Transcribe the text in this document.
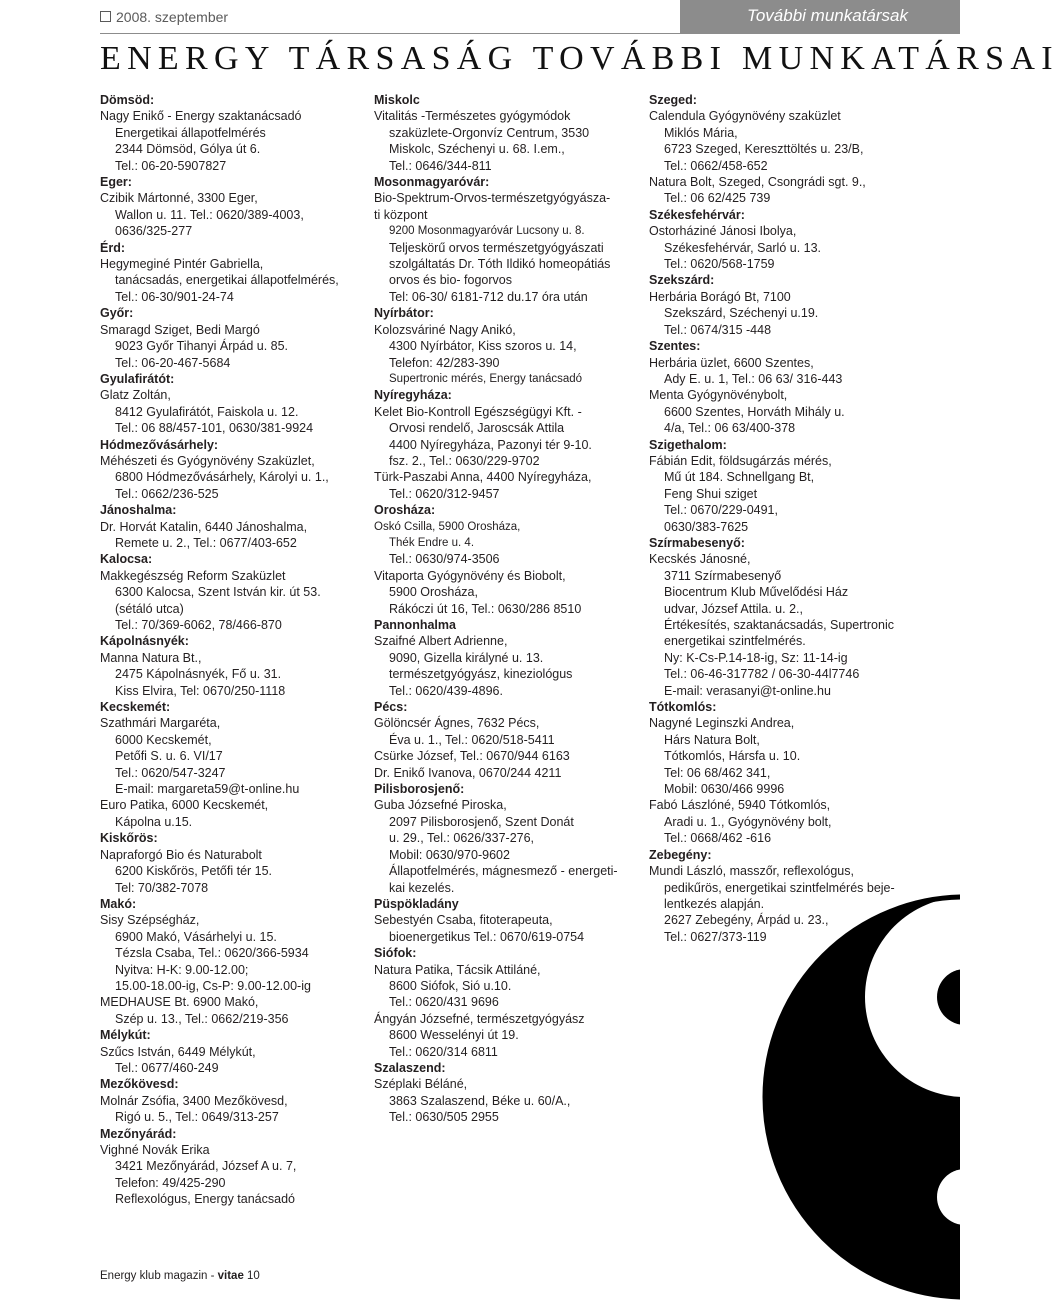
2008. szeptember	További munkatársak
ENERGY TÁRSASÁG TOVÁBBI MUNKATÁRSAI
Dömsöd:
Nagy Enikő - Energy szaktanácsadó
Energetikai állapotfelmérés
2344 Dömsöd, Gólya út 6.
Tel.: 06-20-5907827
Eger:
Czibik Mártonné, 3300 Eger,
Wallon u. 11. Tel.: 0620/389-4003,
0636/325-277
Érd:
Hegymeginé Pintér Gabriella,
tanácsadás, energetikai állapotfelmérés,
Tel.: 06-30/901-24-74
Győr:
Smaragd Sziget, Bedi Margó
9023 Győr Tihanyi Árpád u. 85.
Tel.: 06-20-467-5684
Gyulafirátót:
Glatz Zoltán,
8412 Gyulafirátót, Faiskola u. 12.
Tel.: 06 88/457-101, 0630/381-9924
Hódmezővásárhely:
Méhészeti és Gyógynövény Szaküzlet,
6800 Hódmezővásárhely, Károlyi u. 1.,
Tel.: 0662/236-525
Jánoshalma:
Dr. Horvát Katalin, 6440 Jánoshalma,
Remete u. 2., Tel.: 0677/403-652
Kalocsa:
Makkegészség Reform Szaküzlet
6300 Kalocsa, Szent István kir. út 53.
(sétáló utca)
Tel.: 70/369-6062, 78/466-870
Kápolnásnyék:
Manna Natura Bt.,
2475 Kápolnásnyék, Fő u. 31.
Kiss Elvira, Tel: 0670/250-1118
Kecskemét:
Szathmári Margaréta,
6000 Kecskemét,
Petőfi S. u. 6. VI/17
Tel.: 0620/547-3247
E-mail: margareta59@t-online.hu
Euro Patika, 6000 Kecskemét,
Kápolna u.15.
Kiskőrös:
Napraforgó Bio és Naturabolt
6200 Kiskőrös, Petőfi tér 15.
Tel: 70/382-7078
Makó:
Sisy Szépségház,
6900 Makó, Vásárhelyi u. 15.
Tézsla Csaba, Tel.: 0620/366-5934
Nyitva: H-K: 9.00-12.00;
15.00-18.00-ig, Cs-P: 9.00-12.00-ig
MEDHAUSE Bt. 6900 Makó,
Szép u. 13., Tel.: 0662/219-356
Mélykút:
Szűcs István, 6449 Mélykút,
Tel.: 0677/460-249
Mezőkövesd:
Molnár Zsófia, 3400 Mezőkövesd,
Rigó u. 5., Tel.: 0649/313-257
Mezőnyárád:
Vighné Novák Erika
3421 Mezőnyárád, József A u. 7,
Telefon: 49/425-290
Reflexológus, Energy tanácsadó
Miskolc
Vitalitás -Természetes gyógymódok
szaküzlete-Orgonvíz Centrum, 3530
Miskolc, Széchenyi u. 68. I.em.,
Tel.: 0646/344-811
Mosonmagyaróvár:
Bio-Spektrum-Orvos-természetgyógyásza-
ti központ
9200 Mosonmagyaróvár Lucsony u. 8.
Teljeskörű orvos természetgyógyászati
szolgáltatás Dr. Tóth Ildikó homeopátiás
orvos és bio- fogorvos
Tel: 06-30/ 6181-712 du.17 óra után
Nyírbátor:
Kolozsváriné Nagy Anikó,
4300 Nyírbátor, Kiss szoros u. 14,
Telefon: 42/283-390
Supertronic mérés, Energy tanácsadó
Nyíregyháza:
Kelet Bio-Kontroll Egészségügyi Kft. -
Orvosi rendelő, Jaroscsák Attila
4400 Nyíregyháza, Pazonyi tér 9-10.
fsz. 2., Tel.: 0630/229-9702
Türk-Paszabi Anna, 4400 Nyíregyháza,
Tel.: 0620/312-9457
Orosháza:
Oskó Csilla, 5900 Orosháza,
Thék Endre u. 4.
Tel.: 0630/974-3506
Vitaporta Gyógynövény és Biobolt,
5900 Orosháza,
Rákóczi út 16, Tel.: 0630/286 8510
Pannonhalma
Szaifné Albert Adrienne,
9090, Gizella királyné u. 13.
természetgyógyász, kineziológus
Tel.: 0620/439-4896.
Pécs:
Gölöncsér Ágnes, 7632 Pécs,
Éva u. 1., Tel.: 0620/518-5411
Csürke József, Tel.: 0670/944 6163
Dr. Enikő Ivanova, 0670/244 4211
Pilisborosjenő:
Guba Józsefné Piroska,
2097 Pilisborosjenő, Szent Donát
u. 29., Tel.: 0626/337-276,
Mobil: 0630/970-9602
Állapotfelmérés, mágnesmező - energeti-
kai kezelés.
Püspökladány
Sebestyén Csaba, fitoterapeuta,
bioenergetikus Tel.: 0670/619-0754
Siófok:
Natura Patika, Tácsik Attiláné,
8600 Siófok, Sió u.10.
Tel.: 0620/431 9696
Ángyán Józsefné, természetgyógyász
8600 Wesselényi út 19.
Tel.: 0620/314 6811
Szalaszend:
Széplaki Béláné,
3863 Szalaszend, Béke u. 60/A.,
Tel.: 0630/505 2955
Szeged:
Calendula Gyógynövény szaküzlet
Miklós Mária,
6723 Szeged, Kereszttöltés u. 23/B,
Tel.: 0662/458-652
Natura Bolt, Szeged, Csongrádi sgt. 9.,
Tel.: 06 62/425 739
Székesfehérvár:
Ostorháziné Jánosi Ibolya,
Székesfehérvár, Sarló u. 13.
Tel.: 0620/568-1759
Szekszárd:
Herbária Borágó Bt, 7100
Szekszárd, Széchenyi u.19.
Tel.: 0674/315 -448
Szentes:
Herbária üzlet, 6600 Szentes,
Ady E. u. 1, Tel.: 06 63/ 316-443
Menta Gyógynövénybolt,
6600 Szentes, Horváth Mihály u.
4/a, Tel.: 06 63/400-378
Szigethalom:
Fábián Edit, földsugárzás mérés,
Mű út 184. Schnellgang Bt,
Feng Shui sziget
Tel.: 0670/229-0491,
0630/383-7625
Szírmabesenyő:
Kecskés Jánosné,
3711 Szírmabesenyő
Biocentrum Klub Művelődési Ház
udvar, József Attila. u. 2.,
Értékesítés, szaktanácsadás, Supertronic
energetikai szintfelmérés.
Ny: K-Cs-P.14-18-ig, Sz: 11-14-ig
Tel.: 06-46-317782 / 06-30-44l7746
E-mail: verasanyi@t-online.hu
Tótkomlós:
Nagyné Leginszki Andrea,
Hárs Natura Bolt,
Tótkomlós, Hársfa u. 10.
Tel: 06 68/462 341,
Mobil: 0630/466 9996
Fabó Lászlóné, 5940 Tótkomlós,
Aradi u. 1., Gyógynövény bolt,
Tel.: 0668/462 -616
Zebegény:
Mundi László, masszőr, reflexológus,
pedikűrös, energetikai szintfelmérés beje-
lentkezés alapján.
2627 Zebegény, Árpád u. 23.,
Tel.: 0627/373-119
Energy klub magazin - vitae 10
